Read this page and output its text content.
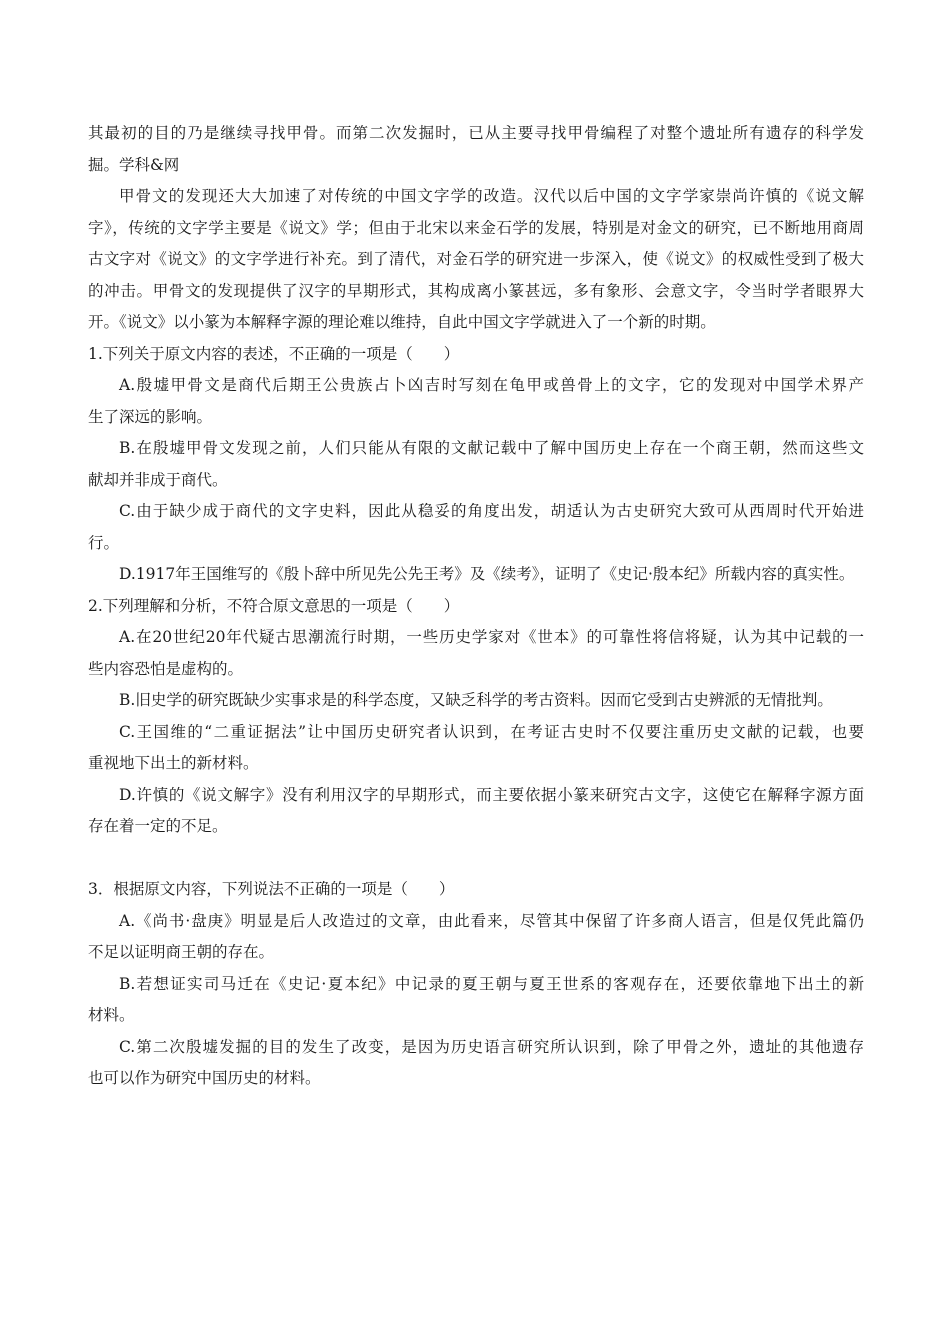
其最初的目的乃是继续寻找甲骨。而第二次发掘时，已从主要寻找甲骨编程了对整个遗址所有遗存的科学发
掘。学科&网
甲骨文的发现还大大加速了对传统的中国文字学的改造。汉代以后中国的文字学家崇尚许慎的《说文解
字》，传统的文字学主要是《说文》学；但由于北宋以来金石学的发展，特别是对金文的研究，已不断地用商周
古文字对《说文》的文字学进行补充。到了清代，对金石学的研究进一步深入，使《说文》的权威性受到了极大
的冲击。甲骨文的发现提供了汉字的早期形式，其构成离小篆甚远，多有象形、会意文字，令当时学者眼界大
开。《说文》以小篆为本解释字源的理论难以维持，自此中国文字学就进入了一个新的时期。
1.下列关于原文内容的表述，不正确的一项是（　　）
A.殷墟甲骨文是商代后期王公贵族占卜凶吉时写刻在龟甲或兽骨上的文字，它的发现对中国学术界产
生了深远的影响。
B.在殷墟甲骨文发现之前，人们只能从有限的文献记载中了解中国历史上存在一个商王朝，然而这些文
献却并非成于商代。
C.由于缺少成于商代的文字史料，因此从稳妥的角度出发，胡适认为古史研究大致可从西周时代开始进
行。
D.1917年王国维写的《殷卜辞中所见先公先王考》及《续考》，证明了《史记·殷本纪》所载内容的真实性。
2.下列理解和分析，不符合原文意思的一项是（　　）
A.在20世纪20年代疑古思潮流行时期，一些历史学家对《世本》的可靠性将信将疑，认为其中记载的一
些内容恐怕是虚构的。
B.旧史学的研究既缺少实事求是的科学态度，又缺乏科学的考古资料。因而它受到古史辨派的无情批判。
C.王国维的“二重证据法”让中国历史研究者认识到，在考证古史时不仅要注重历史文献的记载，也要
重视地下出土的新材料。
D.许慎的《说文解字》没有利用汉字的早期形式，而主要依据小篆来研究古文字，这使它在解释字源方面
存在着一定的不足。
3．根据原文内容，下列说法不正确的一项是（　　）
A.《尚书·盘庚》明显是后人改造过的文章，由此看来，尽管其中保留了许多商人语言，但是仅凭此篇仍
不足以证明商王朝的存在。
B.若想证实司马迁在《史记·夏本纪》中记录的夏王朝与夏王世系的客观存在，还要依靠地下出土的新
材料。
C.第二次殷墟发掘的目的发生了改变，是因为历史语言研究所认识到，除了甲骨之外，遗址的其他遗存
也可以作为研究中国历史的材料。
